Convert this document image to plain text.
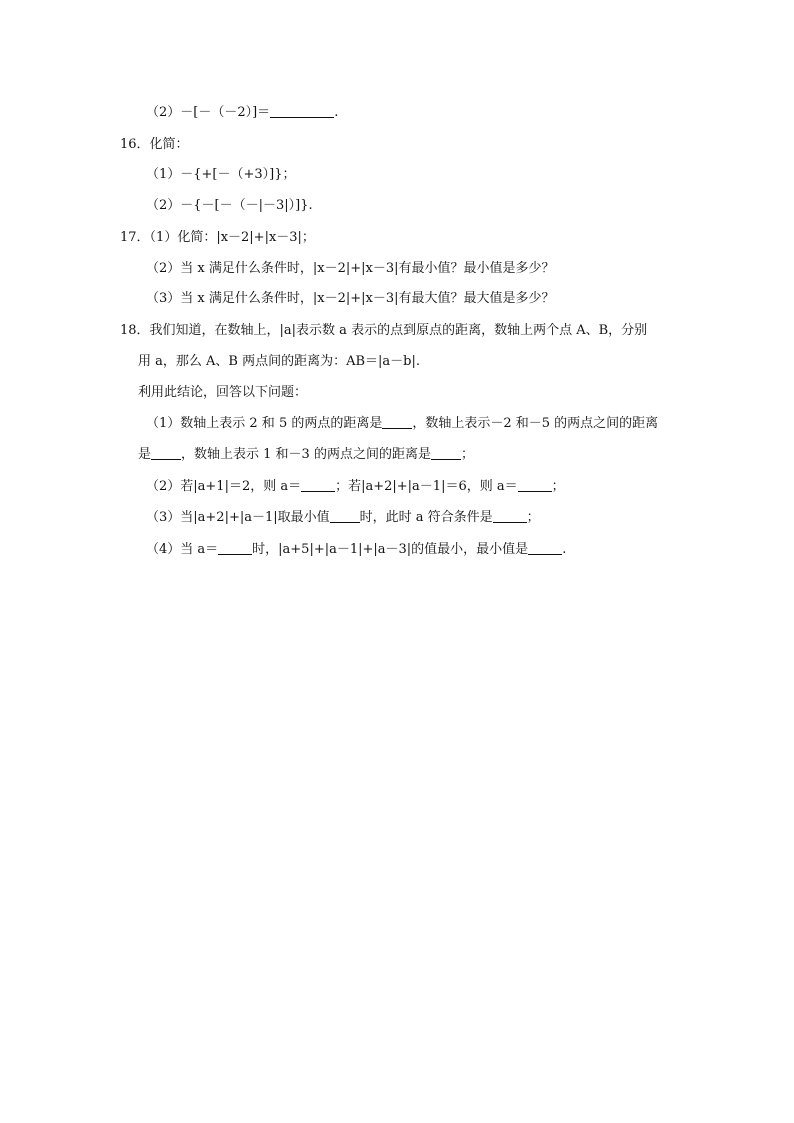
（2）－[－（－2）]＝	.
16．化简：
（1）－{+[－（+3）]}；
（2）－{－[－（－|－3|）]}.
17．（1）化简：|x－2|+|x－3|；
（2）当 x 满足什么条件时，|x－2|+|x－3|有最小值？最小值是多少？
（3）当 x 满足什么条件时，|x－2|+|x－3|有最大值？最大值是多少？
18．我们知道，在数轴上，|a|表示数 a 表示的点到原点的距离，数轴上两个点 A、B，分别
用 a，那么 A、B 两点间的距离为：AB＝|a－b|.
利用此结论，回答以下问题：
（1）数轴上表示 2 和 5 的两点的距离是 ，数轴上表示－2 和－5 的两点之间的距离
是 ，数轴上表示 1 和－3 的两点之间的距离是 ；
（2）若|a+1|＝2，则 a＝	；若|a+2|+|a－1|＝6，则 a＝	；
（3）当|a+2|+|a－1|取最小值 时，此时 a 符合条件是	；
（4）当 a＝	时，|a+5|+|a－1|+|a－3|的值最小，最小值是	.
